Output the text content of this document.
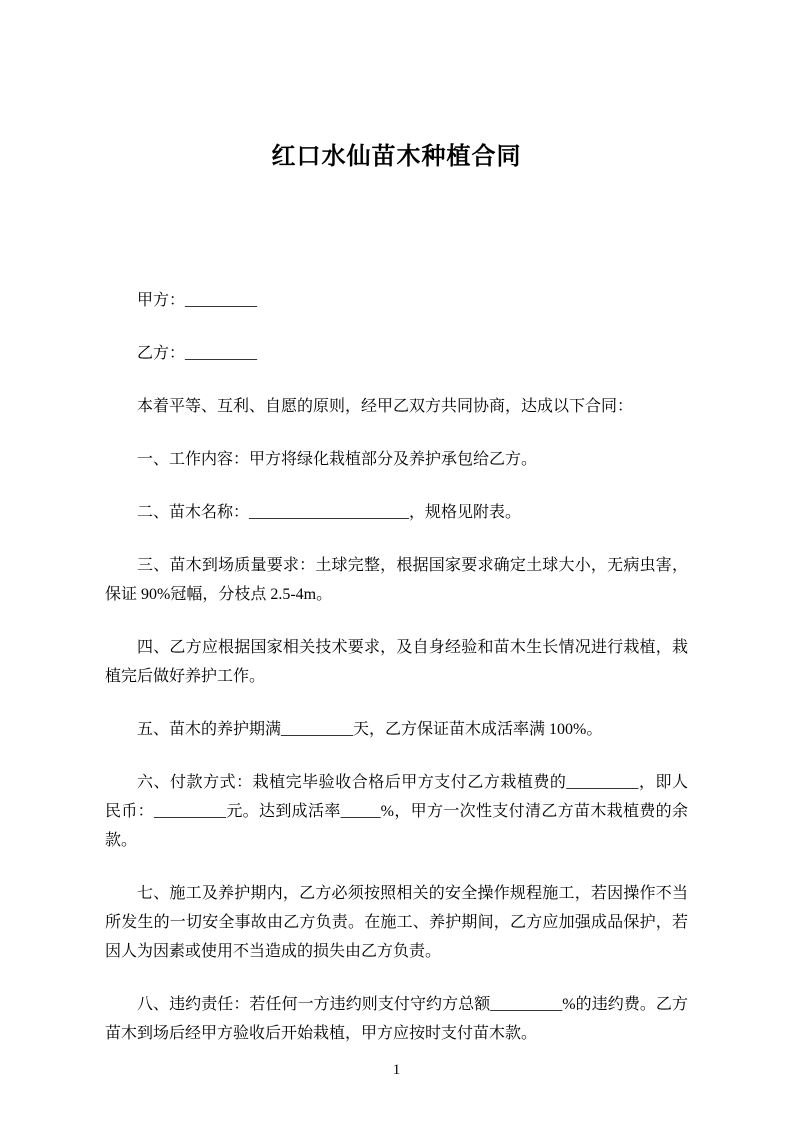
红口水仙苗木种植合同

甲方：_________

乙方：_________

本着平等、互利、自愿的原则，经甲乙双方共同协商，达成以下合同：

一、工作内容：甲方将绿化栽植部分及养护承包给乙方。

二、苗木名称：____________________，规格见附表。

三、苗木到场质量要求：土球完整，根据国家要求确定土球大小，无病虫害，保证 90%冠幅，分枝点 2.5-4m。

四、乙方应根据国家相关技术要求，及自身经验和苗木生长情况进行栽植，栽植完后做好养护工作。

五、苗木的养护期满_________天，乙方保证苗木成活率满 100%。

六、付款方式：栽植完毕验收合格后甲方支付乙方栽植费的_________，即人民币：_________元。达到成活率_____%，甲方一次性支付清乙方苗木栽植费的余款。

七、施工及养护期内，乙方必须按照相关的安全操作规程施工，若因操作不当所发生的一切安全事故由乙方负责。在施工、养护期间，乙方应加强成品保护，若因人为因素或使用不当造成的损失由乙方负责。

八、违约责任：若任何一方违约则支付守约方总额_________%的违约费。乙方苗木到场后经甲方验收后开始栽植，甲方应按时支付苗木款。

1
